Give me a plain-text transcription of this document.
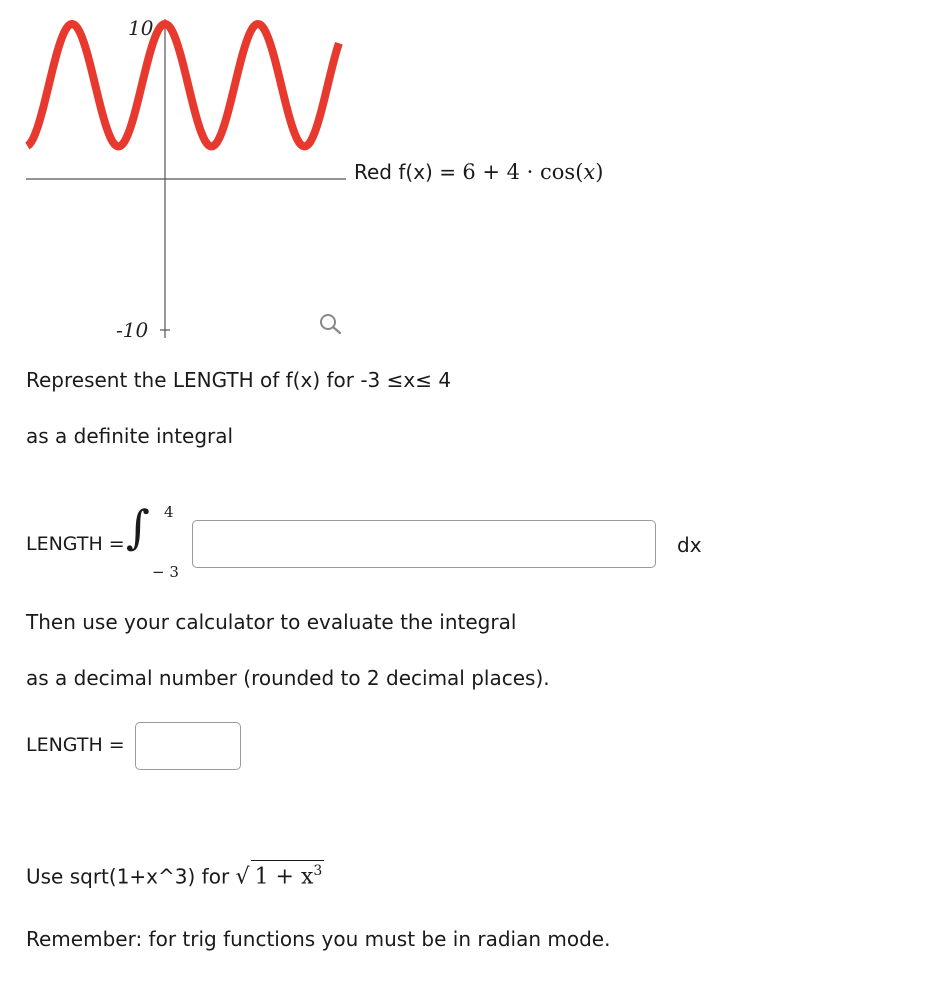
10
-10
Red f(x) = 6 + 4 · cos(x)
Represent the LENGTH of f(x) for -3 ≤x≤ 4
as a definite integral
LENGTH = ∫ 4
− 3
dx
Then use your calculator to evaluate the integral
as a decimal number (rounded to 2 decimal places).
LENGTH =
Use sqrt(1+x^3) for √ $1 + x^3$
Remember: for trig functions you must be in radian mode.
